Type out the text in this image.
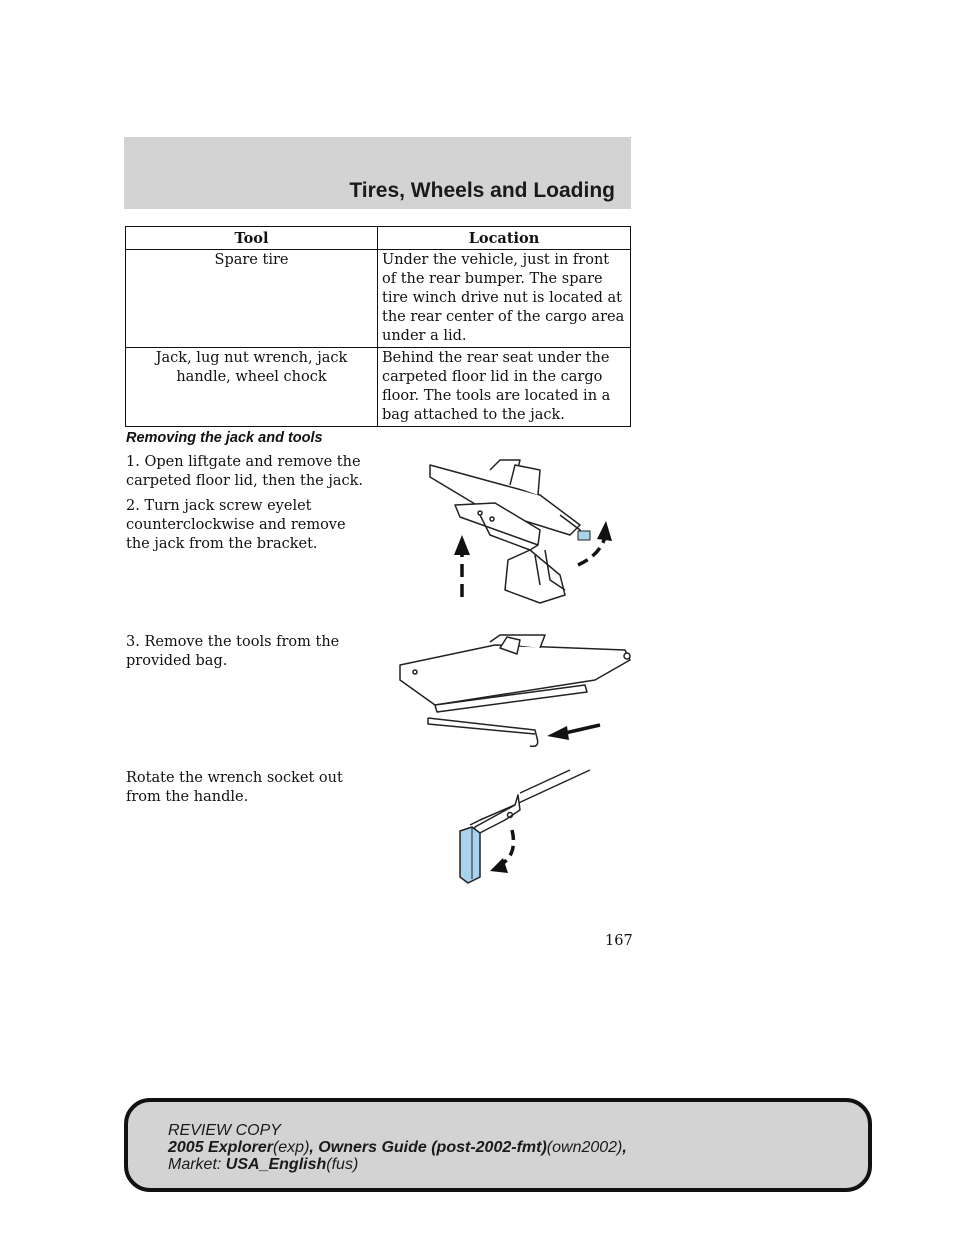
Tires, Wheels and Loading
Tool	Location
Spare tire	Under the vehicle, just in front of the rear bumper. The spare tire winch drive nut is located at the rear center of the cargo area under a lid.
Jack, lug nut wrench, jack handle, wheel chock	Behind the rear seat under the carpeted floor lid in the cargo floor. The tools are located in a bag attached to the jack.
Removing the jack and tools

1. Open liftgate and remove the carpeted floor lid, then the jack.

2. Turn jack screw eyelet counterclockwise and remove the jack from the bracket.

3. Remove the tools from the provided bag.

Rotate the wrench socket out from the handle.

167
REVIEW COPY
2005 Explorer(exp), Owners Guide (post-2002-fmt)(own2002),
Market: USA_English(fus)
